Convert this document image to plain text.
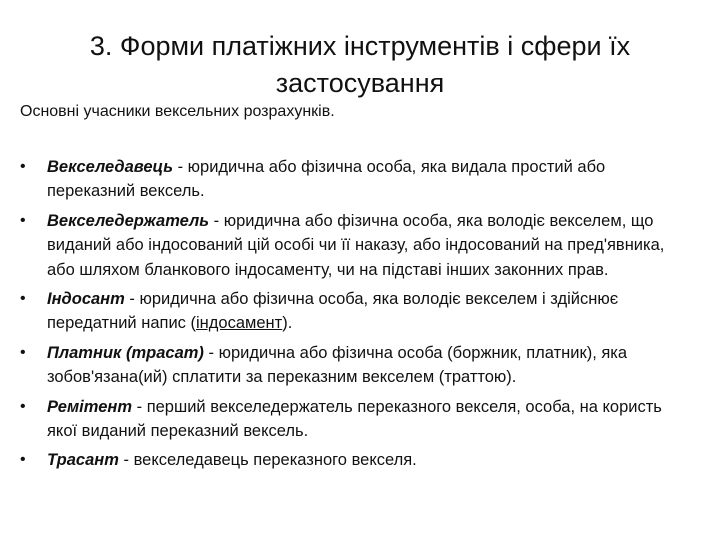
3. Форми платіжних інструментів і сфери їх застосування
Основні учасники вексельних розрахунків.
• Векселедавець - юридична або фізична особа, яка видала простий або переказний вексель.
• Векселедержатель - юридична або фізична особа, яка володіє векселем, що виданий або індосований цій особі чи її наказу, або індосований на пред'явника, або шляхом бланкового індосаменту, чи на підставі інших законних прав.
• Індосант - юридична або фізична особа, яка володіє векселем і здійснює передатний напис (індосамент).
• Платник (трасат) - юридична або фізична особа (боржник, платник), яка зобов'язана(ий) сплатити за переказним векселем (траттою).
• Ремітент - перший векселедержатель переказного векселя, особа, на користь якої виданий переказний вексель.
• Трасант - векселедавець переказного векселя.
